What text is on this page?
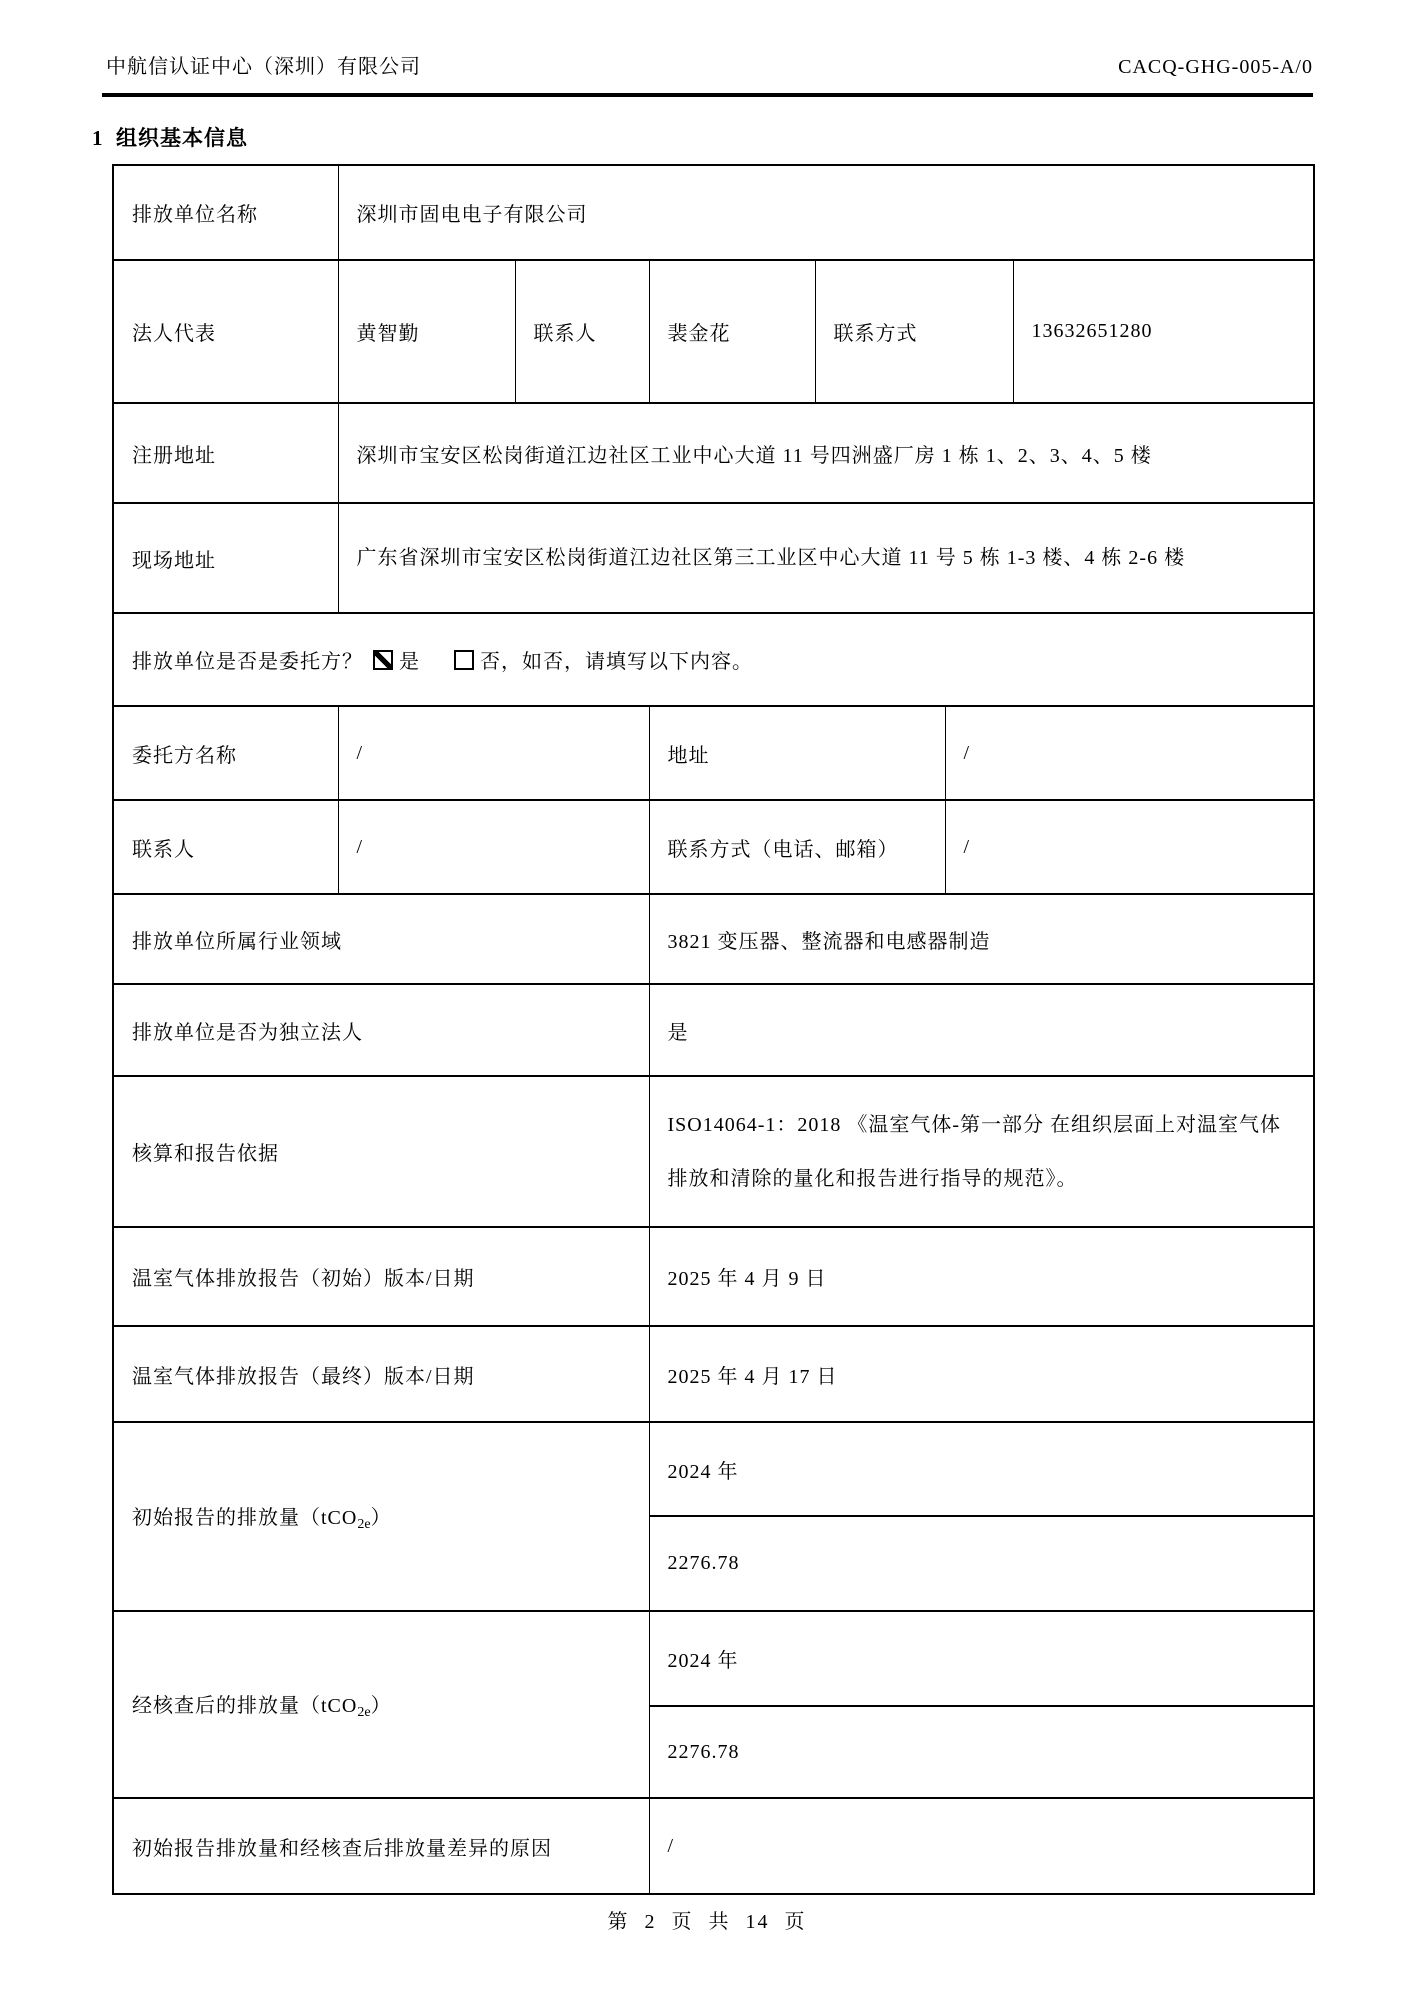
中航信认证中心（深圳）有限公司	CACQ-GHG-005-A/0
1  组织基本信息
排放单位名称	深圳市固电电子有限公司					
法人代表	黄智勤	联系人	裴金花	联系方式		13632651280
注册地址	深圳市宝安区松岗街道江边社区工业中心大道 11 号四洲盛厂房 1 栋 1、2、3、4、5 楼					
现场地址	广东省深圳市宝安区松岗街道江边社区第三工业区中心大道 11 号 5 栋 1-3 楼、4 栋 2-6 楼					
排放单位是否是委托方？ 是 否，如否，请填写以下内容。						
委托方名称	/		地址		/	
联系人	/		联系方式（电话、邮箱）		/	
排放单位所属行业领域			3821 变压器、整流器和电感器制造			
排放单位是否为独立法人			是			
核算和报告依据			ISO14064-1：2018 《温室气体-第一部分 在组织层面上对温室气体排放和清除的量化和报告进行指导的规范》。			
温室气体排放报告（初始）版本/日期			2025 年 4 月 9 日			
温室气体排放报告（最终）版本/日期			2025 年 4 月 17 日			
初始报告的排放量（tCO$_{2e}$）			2024 年			
			2276.78			
经核查后的排放量（tCO$_{2e}$）			2024 年			
			2276.78			
初始报告排放量和经核查后排放量差异的原因			/			
第 2 页 共 14 页
